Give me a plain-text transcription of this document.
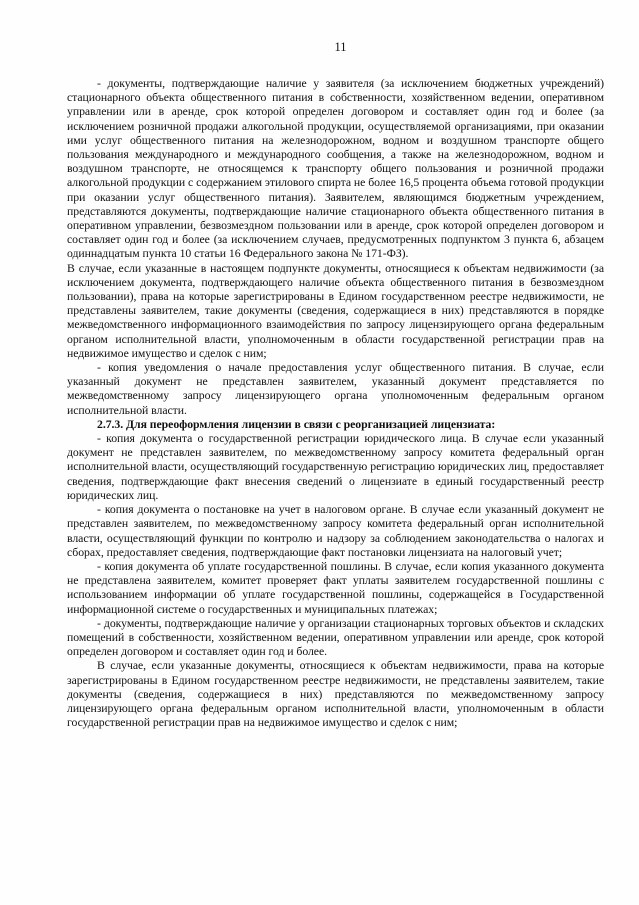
11

- документы, подтверждающие наличие у заявителя (за исключением бюджетных учреждений) стационарного объекта общественного питания в собственности, хозяйственном ведении, оперативном управлении или в аренде, срок которой определен договором и составляет один год и более (за исключением розничной продажи алкогольной продукции, осуществляемой организациями, при оказании ими услуг общественного питания на железнодорожном, водном и воздушном транспорте общего пользования международного и международного сообщения, а также на железнодорожном, водном и воздушном транспорте, не относящемся к транспорту общего пользования и розничной продажи алкогольной продукции с содержанием этилового спирта не более 16,5 процента объема готовой продукции при оказании услуг общественного питания). Заявителем, являющимся бюджетным учреждением, представляются документы, подтверждающие наличие стационарного объекта общественного питания в оперативном управлении, безвозмездном пользовании или в аренде, срок которой определен договором и составляет один год и более (за исключением случаев, предусмотренных подпунктом 3 пункта 6, абзацем одиннадцатым пункта 10 статьи 16 Федерального закона № 171-ФЗ).

В случае, если указанные в настоящем подпункте документы, относящиеся к объектам недвижимости (за исключением документа, подтверждающего наличие объекта общественного питания в безвозмездном пользовании), права на которые зарегистрированы в Едином государственном реестре недвижимости, не представлены заявителем, такие документы (сведения, содержащиеся в них) представляются в порядке межведомственного информационного взаимодействия по запросу лицензирующего органа федеральным органом исполнительной власти, уполномоченным в области государственной регистрации прав на недвижимое имущество и сделок с ним;

- копия уведомления о начале предоставления услуг общественного питания. В случае, если указанный документ не представлен заявителем, указанный документ представляется по межведомственному запросу лицензирующего органа уполномоченным федеральным органом исполнительной власти.

2.7.3. Для переоформления лицензии в связи с реорганизацией лицензиата:

- копия документа о государственной регистрации юридического лица. В случае если указанный документ не представлен заявителем, по межведомственному запросу комитета федеральный орган исполнительной власти, осуществляющий государственную регистрацию юридических лиц, предоставляет сведения, подтверждающие факт внесения сведений о лицензиате в единый государственный реестр юридических лиц.

- копия документа о постановке на учет в налоговом органе. В случае если указанный документ не представлен заявителем, по межведомственному запросу комитета федеральный орган исполнительной власти, осуществляющий функции по контролю и надзору за соблюдением законодательства о налогах и сборах, предоставляет сведения, подтверждающие факт постановки лицензиата на налоговый учет;

- копия документа об уплате государственной пошлины. В случае, если копия указанного документа не представлена заявителем, комитет проверяет факт уплаты заявителем государственной пошлины с использованием информации об уплате государственной пошлины, содержащейся в Государственной информационной системе о государственных и муниципальных платежах;

- документы, подтверждающие наличие у организации стационарных торговых объектов и складских помещений в собственности, хозяйственном ведении, оперативном управлении или аренде, срок которой определен договором и составляет один год и более.

В случае, если указанные документы, относящиеся к объектам недвижимости, права на которые зарегистрированы в Едином государственном реестре недвижимости, не представлены заявителем, такие документы (сведения, содержащиеся в них) представляются по межведомственному запросу лицензирующего органа федеральным органом исполнительной власти, уполномоченным в области государственной регистрации прав на недвижимое имущество и сделок с ним;
